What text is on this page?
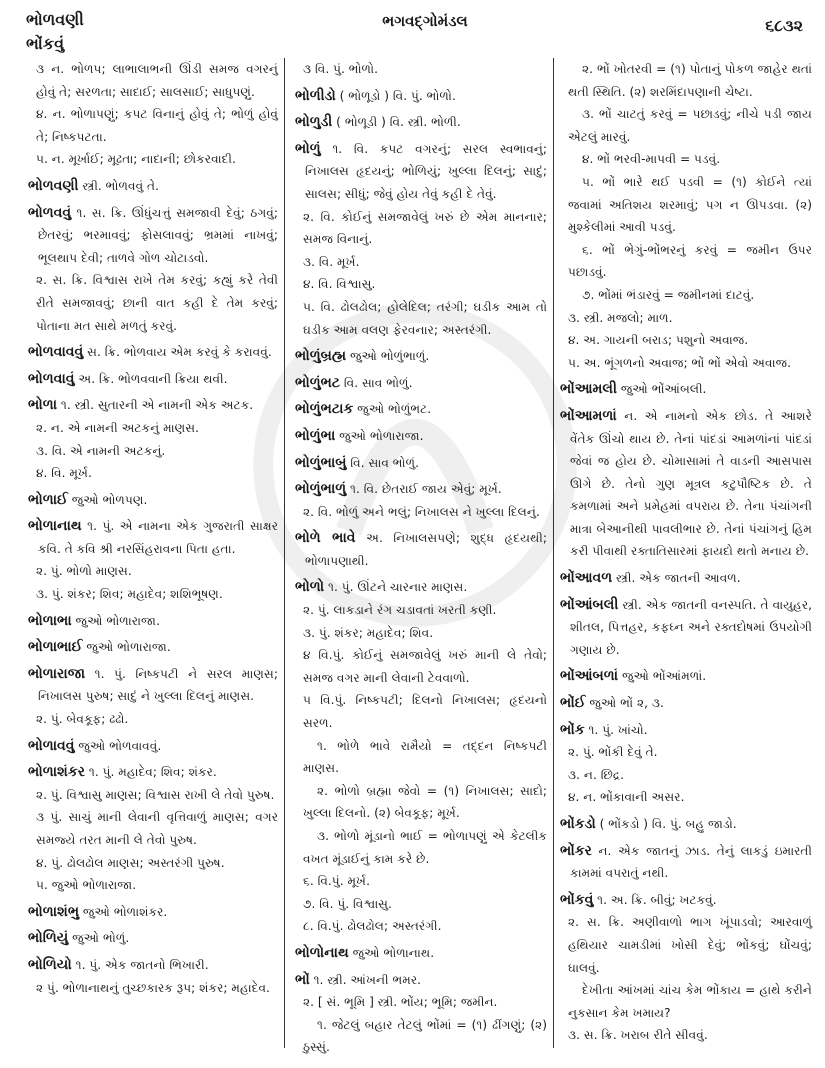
ભોળવણી
ભોંકવું
ભગવદ્ગોમંડલ	૬૮૩૨

૩ ન. ભોળપ; લાભાલાભની ઊંડી સમજ વગરનું હોવું તે; સરળતા; સાદાઈ; સાલસાઈ; સાધુપણું.

૪. ન. ભોળાપણું; કપટ વિનાનું હોવું તે; ભોળું હોવું તે; નિષ્કપટતા.

૫. ન. મૂર્ખાઈ; મૂઢતા; નાદાની; છોકરવાદી.

ભોળવણી સ્ત્રી. ભોળવવું તે.

ભોળવવું ૧. સ. ક્રિ. ઊંધુંચત્તું સમજાવી દેવું; ઠગવું; છેતરવું; ભરમાવવું; ફોસલાવવું; ભ્રમમાં નાખવું; ભૂલથાપ દેવી; તાળવે ગોળ ચોટાડવો.

૨. સ. ક્રિ. વિશ્વાસ રાખે તેમ કરવું; કહ્યું કરે તેવી રીતે સમજાવવું; છાની વાત કહી દે તેમ કરવું; પોતાના મત સાથે મળતું કરવું.

ભોળવાવવું સ. ક્રિ. ભોળવાય એમ કરવું કે કરાવવું.

ભોળવાવું અ. ક્રિ. ભોળવવાની ક્રિયા થવી.

ભોળા ૧. સ્ત્રી. સુતારની એ નામની એક અટક.

૨. ન. એ નામની અટકનું માણસ.

૩. વિ. એ નામની અટકનું.

૪. વિ. મૂર્ખ.

ભોળાઈ જુઓ ભોળપણ.

ભોળાનાથ ૧. પું. એ નામના એક ગુજરાતી સાક્ષર કવિ. તે કવિ શ્રી નરસિંહરાવના પિતા હતા.

૨. પું. ભોળો માણસ.

૩. પું. શંકર; શિવ; મહાદેવ; શશિભૂષણ.

ભોળાભા જુઓ ભોળારાજા.

ભોળાભાઈ જુઓ ભોળારાજા.

ભોળારાજા ૧. પું. નિષ્કપટી ને સરલ માણસ; નિખાલસ પુરુષ; સાદું ને ખુલ્લા દિલનું માણસ.

૨. પું. બેવકૂફ; ઢઢો.

ભોળાવવું જુઓ ભોળવાવવું.

ભોળાશંકર ૧. પું. મહાદેવ; શિવ; શંકર.

૨. પું. વિશ્વાસુ માણસ; વિશ્વાસ રાખી લે તેવો પુરુષ.

૩ પું. સાચું માની લેવાની વૃત્તિવાળું માણસ; વગર સમજ્યે તરત માની લે તેવો પુરુષ.

૪. પું. ઢોલઢોલ માણસ; અસ્તરંગી પુરુષ.

૫. જુઓ ભોળારાજા.

ભોળાશંભુ જુઓ ભોળાશંકર.

ભોળિયું જુઓ ભોળું.

ભોળિયો ૧. પું. એક જાતનો ભિખારી.

૨ પું. ભોળાનાથનું તુચ્છકારક રૂપ; શંકર; મહાદેવ.

૩ વિ. પું. ભોળો.

ભોળીડો ( ભોળૂડો ) વિ. પું. ભોળો.

ભોળુડી ( ભોળૂડી ) વિ. સ્ત્રી. ભોળી.

ભોળું ૧. વિ. કપટ વગરનું; સરલ સ્વભાવનું; નિખાલસ હૃદયનું; ભોળિયું; ખુલ્લા દિલનું; સાદું; સાલસ; સીધું; જેવું હોય તેવું કહી દે તેવું.

૨. વિ. કોઈનું સમજાવેલું ખરું છે એમ માનનાર; સમજ વિનાનું.

૩. વિ. મૂર્ખ.

૪. વિ. વિશ્વાસુ.

૫. વિ. ઢોલઢોલ; હોલેદિલ; તરંગી; ઘડીક આમ તો ઘડીક આમ વલણ ફેરવનાર; અસ્તરંગી.

ભોળુંબ્રહ્મ જુઓ ભોળુંભાળું.

ભોળુંભટ વિ. સાવ ભોળું.

ભોળુંભટાક જુઓ ભોળુંભટ.

ભોળુંભા જુઓ ભોળારાજા.

ભોળુંભાબું વિ. સાવ ભોળું.

ભોળુંભાળું ૧. વિ. છેતરાઈ જાય એવું; મૂર્ખ.

૨. વિ. ભોળું અને ભલું; નિખાલસ ને ખુલ્લા દિલનું.

ભોળે ભાવે અ. નિખાલસપણે; શુદ્ધ હૃદયથી; ભોળાપણાથી.

ભોળો ૧. પું. ઊંટને ચારનાર માણસ.

૨. પું. લાકડાને રંગ ચડાવતાં ખરતી કણી.

૩. પું. શંકર; મહાદેવ; શિવ.

૪ વિ.પું. કોઈનું સમજાવેલું ખરું માની લે તેવો; સમજ વગર માની લેવાની ટેવવાળો.

૫ વિ.પું. નિષ્કપટી; દિલનો નિખાલસ; હૃદયનો સરળ.

૧. ભોળે ભાવે રામૈયો = તદ્દન નિષ્કપટી માણસ.

૨. ભોળો બ્રહ્મા જેવો = (૧) નિખાલસ; સાદો; ખુલ્લા દિલનો. (૨) બેવકૂફ; મૂર્ખ.

૩. ભોળો મૂંડાનો ભાઈ = ભોળાપણું એ કેટલીક વખત મૂંડાઈનું કામ કરે છે.

૬. વિ.પું. મૂર્ખ.

૭. વિ. પું. વિશ્વાસુ.

૮. વિ.પું. ઢોલઢોલ; અસ્તરંગી.

ભોળોનાથ જુઓ ભોળાનાથ.

ભોં ૧. સ્ત્રી. આંખની ભમર.

૨. [ સં. ભૂમિ ] સ્ત્રી. ભોંય; ભૂમિ; જમીન.

૧. જેટલું બહાર તેટલું ભોંમાં = (૧) ઢીંગણું; (૨) ઠુસ્સું.

૨. ભોં ખોતરવી = (૧) પોતાનું પોકળ જાહેર થતાં થતી સ્થિતિ. (૨) શરમિંદાપણાની ચેષ્ટા.

૩. ભોં ચાટતું કરવું = પછાડવું; નીચે પડી જાય એટલું મારવું.

૪. ભોં ભરવી-માપવી = પડવું.

૫. ભોં ભારે થઈ પડવી = (૧) કોઈને ત્યાં જવામાં અતિશય શરમાવું; પગ ન ઊપડવા. (૨) મુશ્કેલીમાં આવી પડવું.

૬. ભોં ભેગું-ભોંભરનું કરવું = જમીન ઉપર પછાડવું.

૭. ભોંમાં ભંડારવું = જમીનમાં દાટવું.

૩. સ્ત્રી. મજલો; માળ.

૪. અ. ગાયની બરાડ; પશુનો અવાજ.

૫. અ. ભૂંગળનો અવાજ; ભોં ભોં એવો અવાજ.

ભોંઆમલી જુઓ ભોંઆંબલી.

ભોંઆમળાં ન. એ નામનો એક છોડ. તે આશરે વેંતેક ઊંચો થાય છે. તેનાં પાંદડાં આમળાંનાં પાંદડાં જેવાં જ હોય છે. ચોમાસામાં તે વાડની આસપાસ ઊગે છે. તેનો ગુણ મૂત્રલ કટુપૌષ્ટિક છે. તે કમળામાં અને પ્રમેહમાં વપરાય છે. તેના પંચાંગની માત્રા બેઆનીથી પાવલીભાર છે. તેનાં પંચાંગનું હિમ કરી પીવાથી રક્તાતિસારમાં ફાયદો થતો મનાય છે.

ભોંઆવળ સ્ત્રી. એક જાતની આવળ.

ભોંઆંબલી સ્ત્રી. એક જાતની વનસ્પતિ. તે વાયુહર, શીતલ, પિત્તહર, કફઘ્ન અને રક્તદોષમાં ઉપયોગી ગણાય છે.

ભોંઆંબળાં જુઓ ભોંઆંમળાં.

ભોંઈ જુઓ ભોં ૨, ૩.

ભોંક ૧. પું. ખાંચો.

૨. પું. ભોંકી દેવું તે.

૩. ન. છિદ્ર.

૪. ન. ભોંકાવાની અસર.

ભોંકડો ( ભોંકડો ) વિ. પું. બહુ જાડો.

ભોંકર ન. એક જાતનું ઝાડ. તેનું લાકડું ઇમારતી કામમાં વપરાતું નથી.

ભોંકવું ૧. અ. ક્રિ. બીવું; ખટકવું.

૨. સ. ક્રિ. અણીવાળો ભાગ ખૂંપાડવો; આરવાળું હથિયાર ચામડીમાં ખોસી દેવું; ભોંકવું; ઘોંચવું; ઘાલવું.

દેખીતા આંખમાં ચાંચ કેમ ભોંકાય = હાથે કરીને નુકસાન કેમ ખમાય?

૩. સ. ક્રિ. ખરાબ રીતે સીવવું.
